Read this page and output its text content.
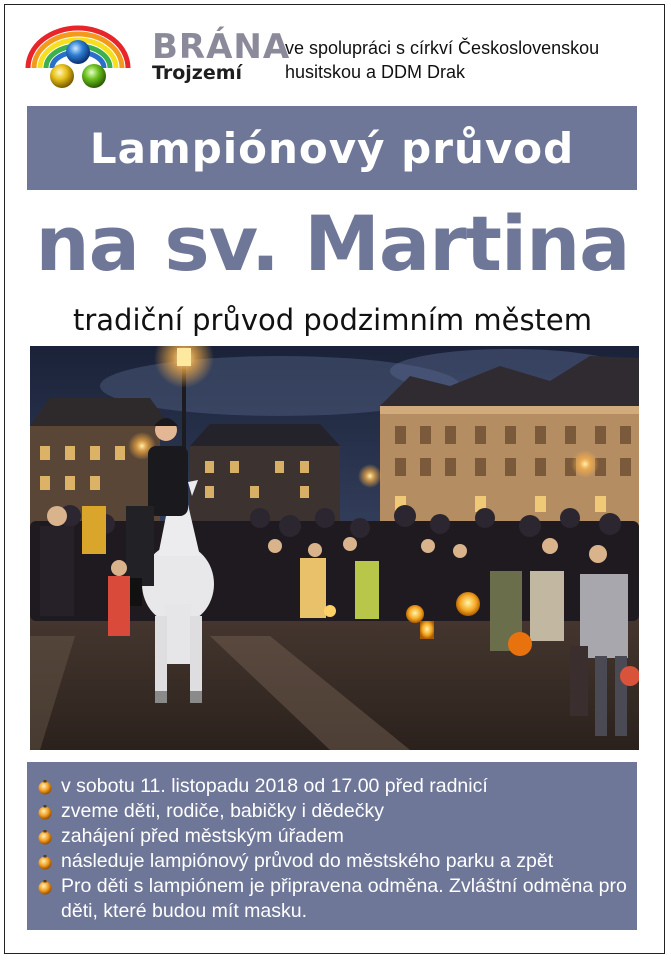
BRÁNA
Trojzemí
ve spolupráci s církví Československou
husitskou a DDM Drak
Lampiónový průvod
na sv. Martina
tradiční průvod podzimním městem
v sobotu 11. listopadu 2018 od 17.00 před radnicí
zveme děti, rodiče, babičky i dědečky
zahájení před městským úřadem
následuje lampiónový průvod do městského parku a zpět
Pro děti s lampiónem je připravena odměna. Zvláštní odměna pro děti, které budou mít masku.
